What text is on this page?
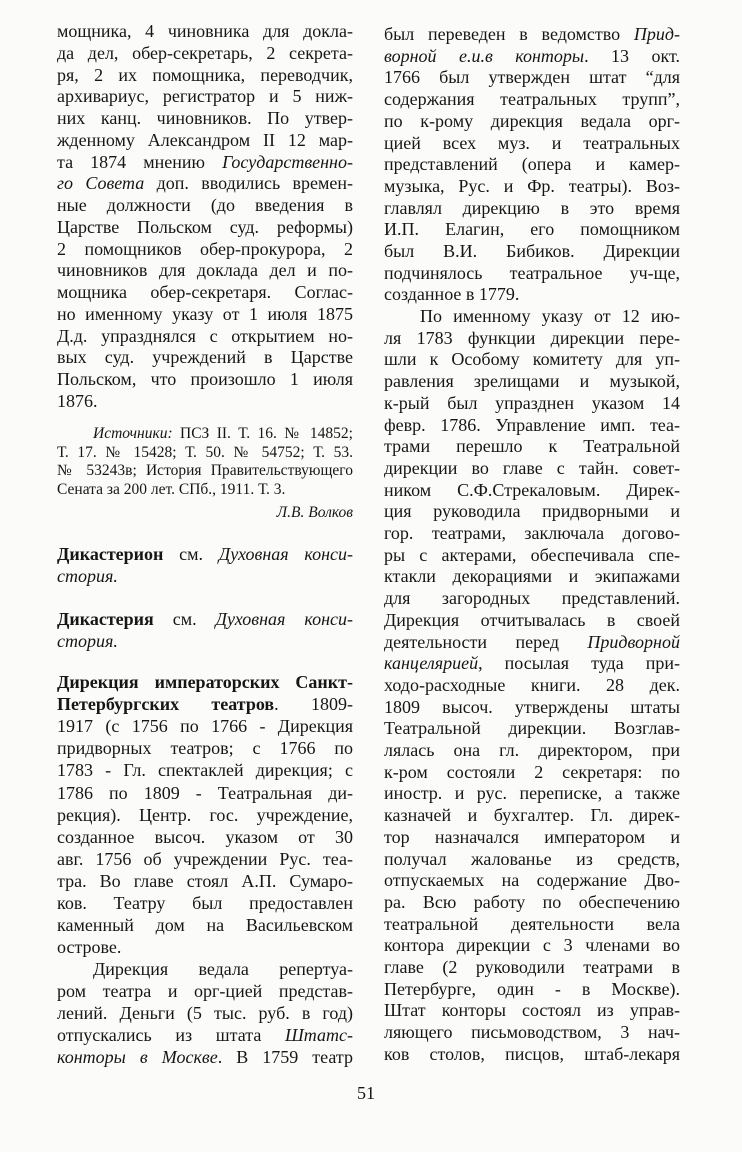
мощника, 4 чиновника для докла-
да дел, обер-секретарь, 2 секрета-
ря, 2 их помощника, переводчик,
архивариус, регистратор и 5 ниж-
них канц. чиновников. По утвер-
жденному Александром II 12 мар-
та 1874 мнению Государственно-
го Совета доп. вводились времен-
ные должности (до введения в
Царстве Польском суд. реформы)
2 помощников обер-прокурора, 2
чиновников для доклада дел и по-
мощника обер-секретаря. Соглас-
но именному указу от 1 июля 1875
Д.д. упразднялся с открытием но-
вых суд. учреждений в Царстве
Польском, что произошло 1 июля
1876.
Источники: ПСЗ II. Т. 16. № 14852;
Т. 17. № 15428; Т. 50. № 54752; Т. 53.
№ 53243в; История Правительствующего
Сената за 200 лет. СПб., 1911. Т. 3.
Л.В. Волков
Дикастерион см. Духовная конси-
стория.
Дикастерия см. Духовная конси-
стория.
Дирекция императорских Санкт-
Петербургских театров. 1809-
1917 (с 1756 по 1766 - Дирекция
придворных театров; с 1766 по
1783 - Гл. спектаклей дирекция; с
1786 по 1809 - Театральная ди-
рекция). Центр. гос. учреждение,
созданное высоч. указом от 30
авг. 1756 об учреждении Рус. теа-
тра. Во главе стоял А.П. Сумаро-
ков. Театру был предоставлен
каменный дом на Васильевском
острове.
Дирекция ведала репертуа-
ром театра и орг-цией представ-
лений. Деньги (5 тыс. руб. в год)
отпускались из штата Штатс-
конторы в Москве. В 1759 театр
был переведен в ведомство Прид-
ворной е.и.в конторы. 13 окт.
1766 был утвержден штат “для
содержания театральных трупп”,
по к-рому дирекция ведала орг-
цией всех муз. и театральных
представлений (опера и камер-
музыка, Рус. и Фр. театры). Воз-
главлял дирекцию в это время
И.П. Елагин, его помощником
был В.И. Бибиков. Дирекции
подчинялось театральное уч-ще,
созданное в 1779.
По именному указу от 12 ию-
ля 1783 функции дирекции пере-
шли к Особому комитету для уп-
равления зрелищами и музыкой,
к-рый был упразднен указом 14
февр. 1786. Управление имп. теа-
трами перешло к Театральной
дирекции во главе с тайн. совет-
ником С.Ф.Стрекаловым. Дирек-
ция руководила придворными и
гор. театрами, заключала догово-
ры с актерами, обеспечивала спе-
ктакли декорациями и экипажами
для загородных представлений.
Дирекция отчитывалась в своей
деятельности перед Придворной
канцелярией, посылая туда при-
ходо-расходные книги. 28 дек.
1809 высоч. утверждены штаты
Театральной дирекции. Возглав-
лялась она гл. директором, при
к-ром состояли 2 секретаря: по
иностр. и рус. переписке, а также
казначей и бухгалтер. Гл. дирек-
тор назначался императором и
получал жалованье из средств,
отпускаемых на содержание Дво-
ра. Всю работу по обеспечению
театральной деятельности вела
контора дирекции с 3 членами во
главе (2 руководили театрами в
Петербурге, один - в Москве).
Штат конторы состоял из управ-
ляющего письмоводством, 3 нач-
ков столов, писцов, штаб-лекаря
51
